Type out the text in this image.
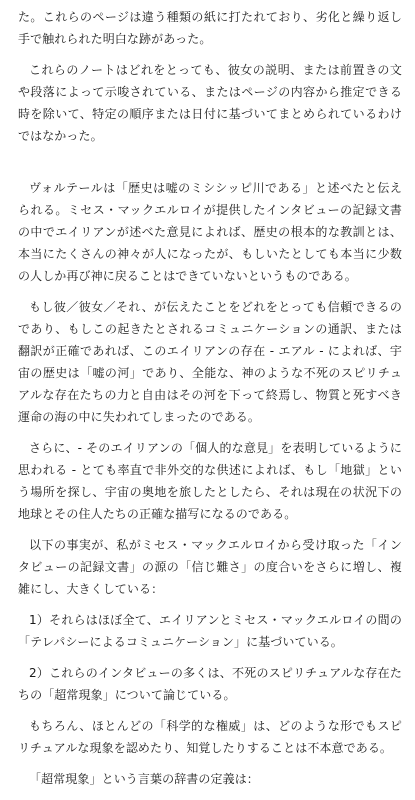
た。これらのページは違う種類の紙に打たれており、劣化と繰り返し手で触れられた明白な跡があった。

これらのノートはどれをとっても、彼女の説明、または前置きの文や段落によって示唆されている、またはページの内容から推定できる時を除いて、特定の順序または日付に基づいてまとめられているわけではなかった。

ヴォルテールは「歴史は嘘のミシシッピ川である」と述べたと伝えられる。ミセス・マックエルロイが提供したインタビューの記録文書の中でエイリアンが述べた意見によれば、歴史の根本的な教訓とは、本当にたくさんの神々が人になったが、もしいたとしても本当に少数の人しか再び神に戻ることはできていないというものである。

もし彼／彼女／それ、が伝えたことをどれをとっても信頼できるのであり、もしこの起きたとされるコミュニケーションの通訳、または翻訳が正確であれば、このエイリアンの存在 - エアル - によれば、宇宙の歴史は「嘘の河」であり、全能な、神のような不死のスピリチュアルな存在たちの力と自由はその河を下って終焉し、物質と死すべき運命の海の中に失われてしまったのである。

さらに、- そのエイリアンの「個人的な意見」を表明しているように思われる - とても率直で非外交的な供述によれば、もし「地獄」という場所を探し、宇宙の奥地を旅したとしたら、それは現在の状況下の地球とその住人たちの正確な描写になるのである。

以下の事実が、私がミセス・マックエルロイから受け取った「インタビューの記録文書」の源の「信じ難さ」の度合いをさらに増し、複雑にし、大きくしている：

1）それらはほぼ全て、エイリアンとミセス・マックエルロイの間の「テレパシーによるコミュニケーション」に基づいている。

2）これらのインタビューの多くは、不死のスピリチュアルな存在たちの「超常現象」について論じている。

もちろん、ほとんどの「科学的な権威」は、どのような形でもスピリチュアルな現象を認めたり、知覚したりすることは不本意である。

「超常現象」という言葉の辞書の定義は：
